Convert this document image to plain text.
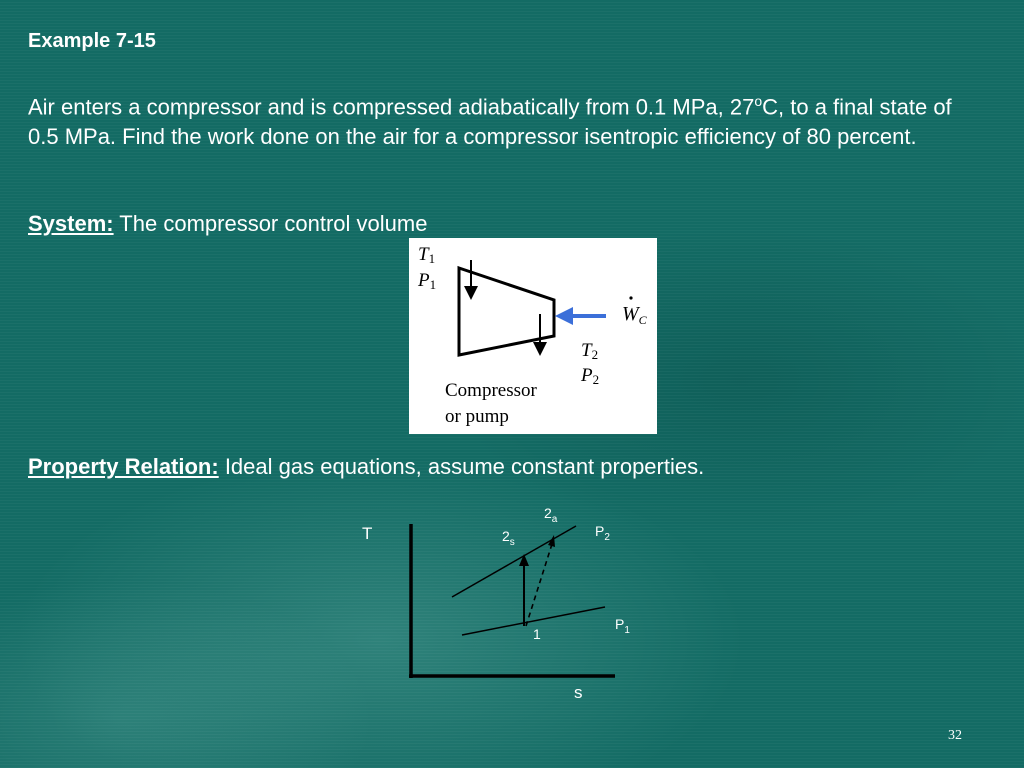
Example 7-15
Air enters a compressor and is compressed adiabatically from 0.1 MPa, 27$^o$C, to a final state of 0.5 MPa. Find the work done on the air for a compressor isentropic efficiency of 80 percent.
System: The compressor control volume
T1
P1
$W_C$
T2
P2
Compressor
or pump
Property Relation: Ideal gas equations, assume constant properties.
T
s
1
$2_s$
$2_a$
$P_2$
$P_1$
32
